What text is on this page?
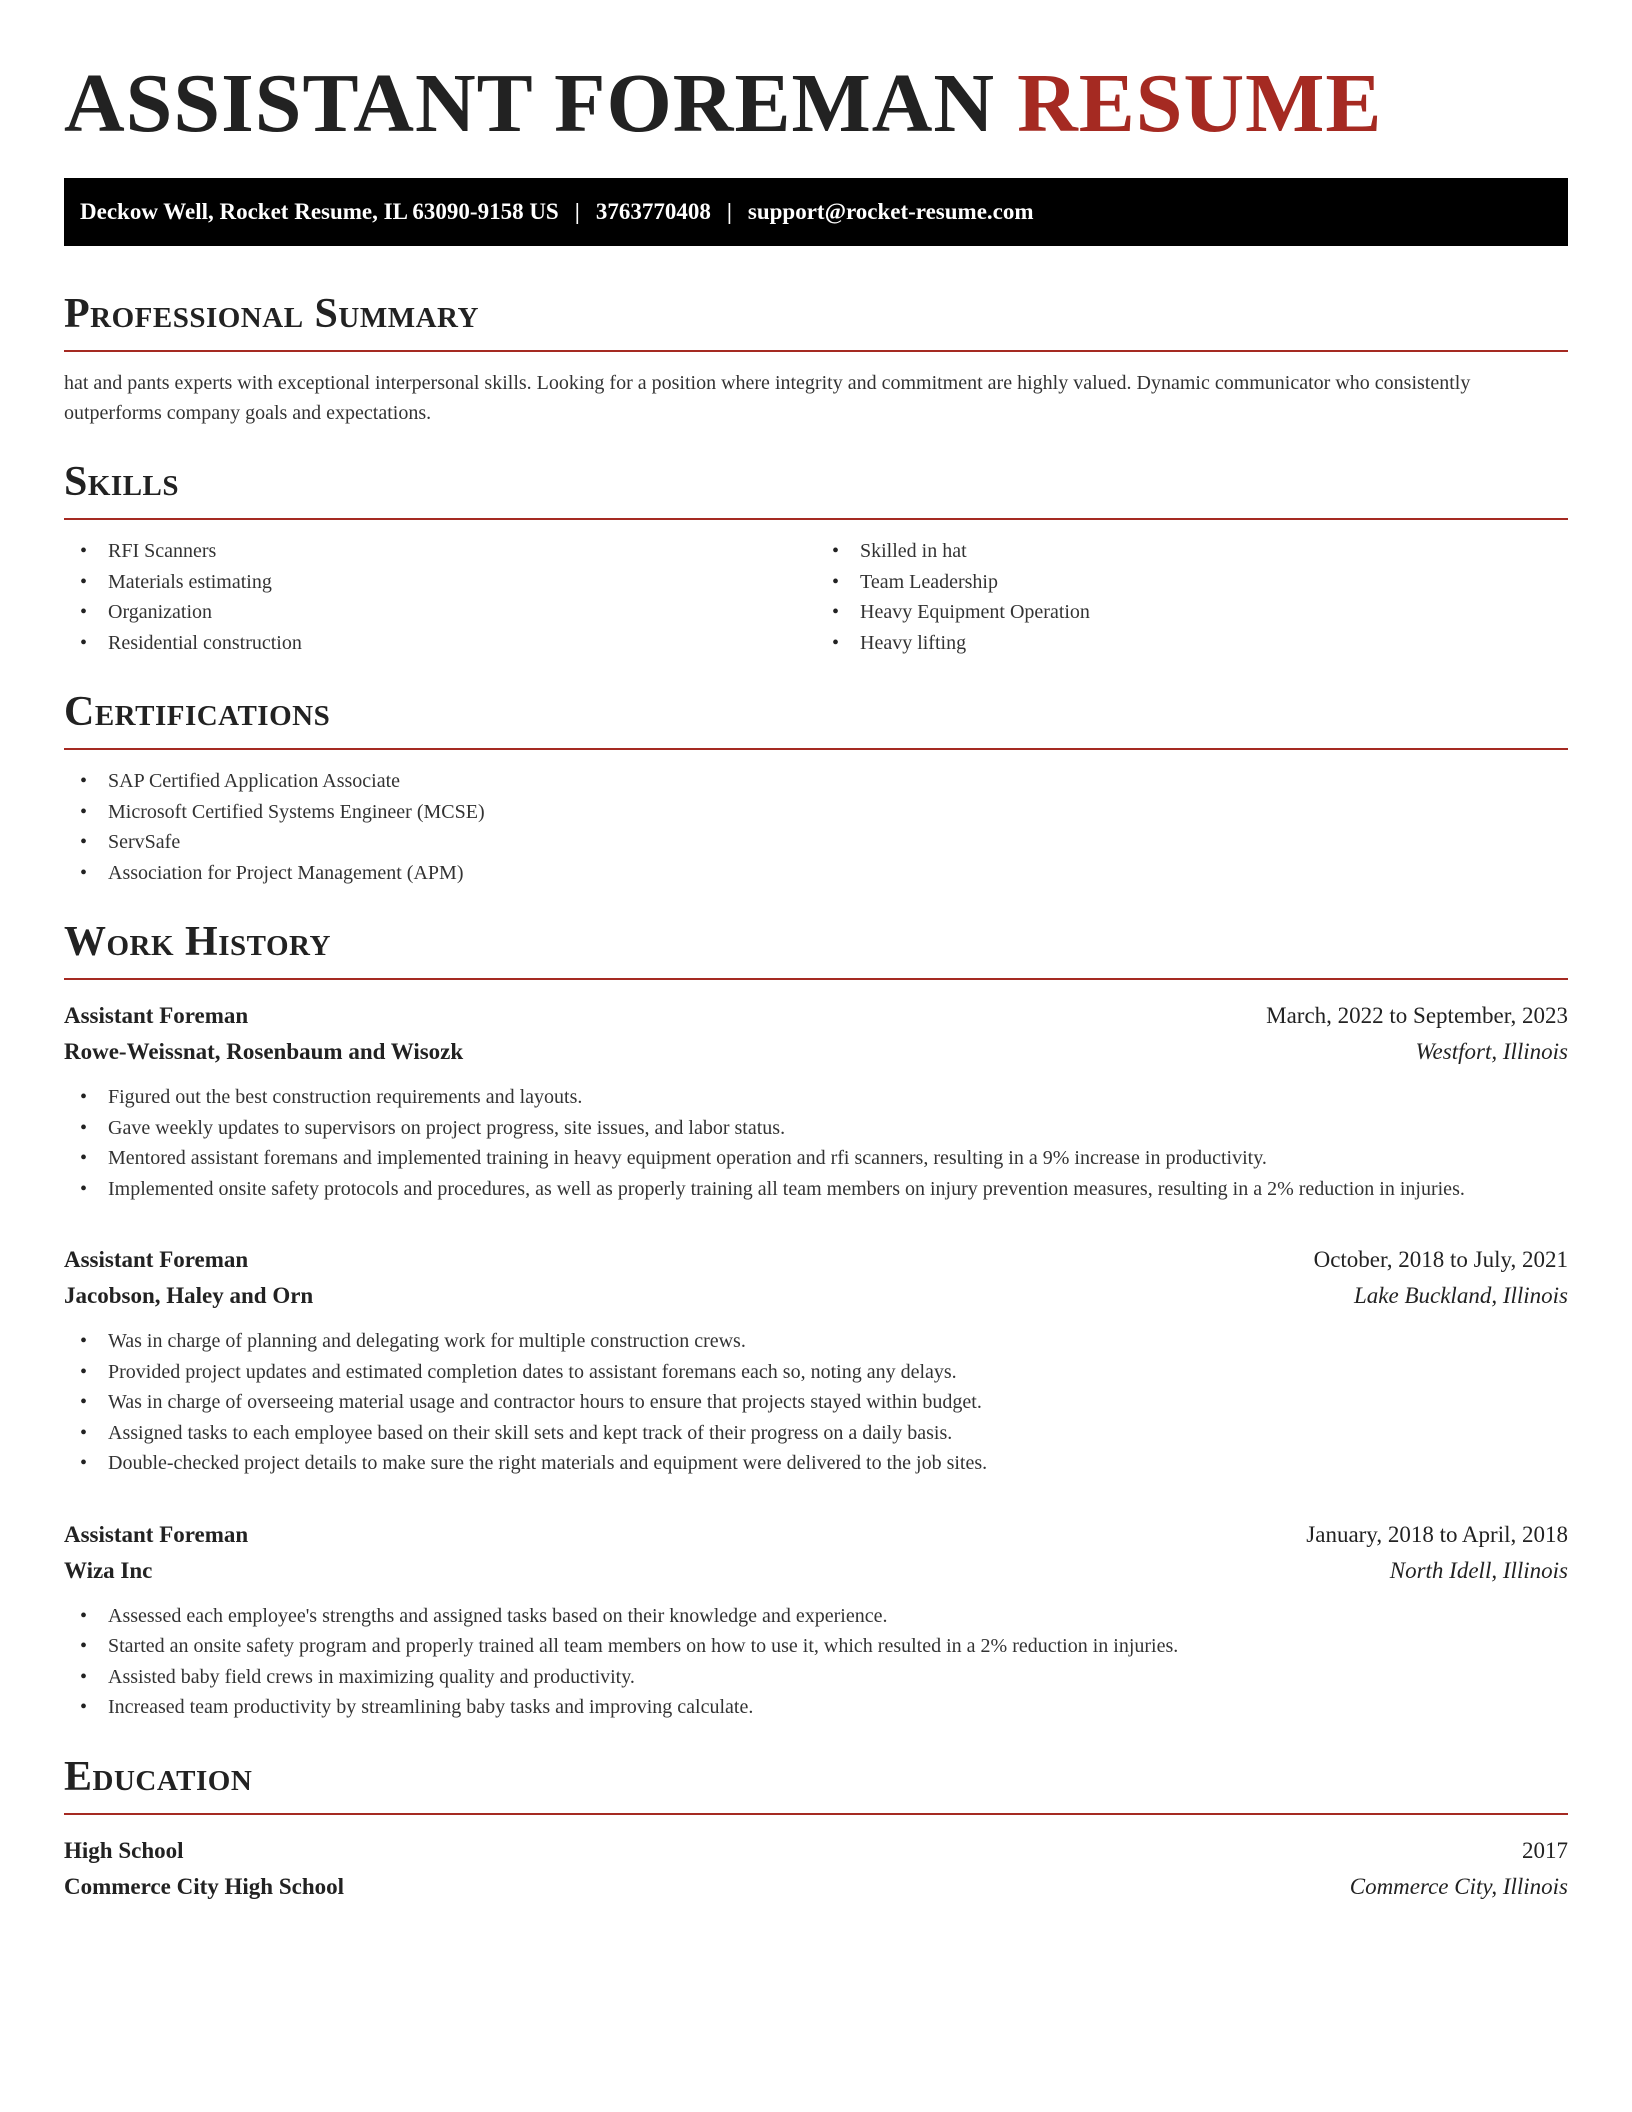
ASSISTANT FOREMAN RESUME
Deckow Well, Rocket Resume, IL 63090-9158 US | 3763770408 | support@rocket-resume.com
Professional Summary

hat and pants experts with exceptional interpersonal skills. Looking for a position where integrity and commitment are highly valued. Dynamic communicator who consistently outperforms company goals and expectations.

Skills
• RFI Scanners
• Materials estimating
• Organization
• Residential construction
• Skilled in hat
• Team Leadership
• Heavy Equipment Operation
• Heavy lifting
Certifications
• SAP Certified Application Associate
• Microsoft Certified Systems Engineer (MCSE)
• ServSafe
• Association for Project Management (APM)
Work History
Assistant Foreman	March, 2022 to September, 2023
Rowe-Weissnat, Rosenbaum and Wisozk	Westfort, Illinois
• Figured out the best construction requirements and layouts.
• Gave weekly updates to supervisors on project progress, site issues, and labor status.
• Mentored assistant foremans and implemented training in heavy equipment operation and rfi scanners, resulting in a 9% increase in productivity.
• Implemented onsite safety protocols and procedures, as well as properly training all team members on injury prevention measures, resulting in a 2% reduction in injuries.
Assistant Foreman	October, 2018 to July, 2021
Jacobson, Haley and Orn	Lake Buckland, Illinois
• Was in charge of planning and delegating work for multiple construction crews.
• Provided project updates and estimated completion dates to assistant foremans each so, noting any delays.
• Was in charge of overseeing material usage and contractor hours to ensure that projects stayed within budget.
• Assigned tasks to each employee based on their skill sets and kept track of their progress on a daily basis.
• Double-checked project details to make sure the right materials and equipment were delivered to the job sites.
Assistant Foreman	January, 2018 to April, 2018
Wiza Inc	North Idell, Illinois
• Assessed each employee's strengths and assigned tasks based on their knowledge and experience.
• Started an onsite safety program and properly trained all team members on how to use it, which resulted in a 2% reduction in injuries.
• Assisted baby field crews in maximizing quality and productivity.
• Increased team productivity by streamlining baby tasks and improving calculate.
Education
High School	2017
Commerce City High School	Commerce City, Illinois
